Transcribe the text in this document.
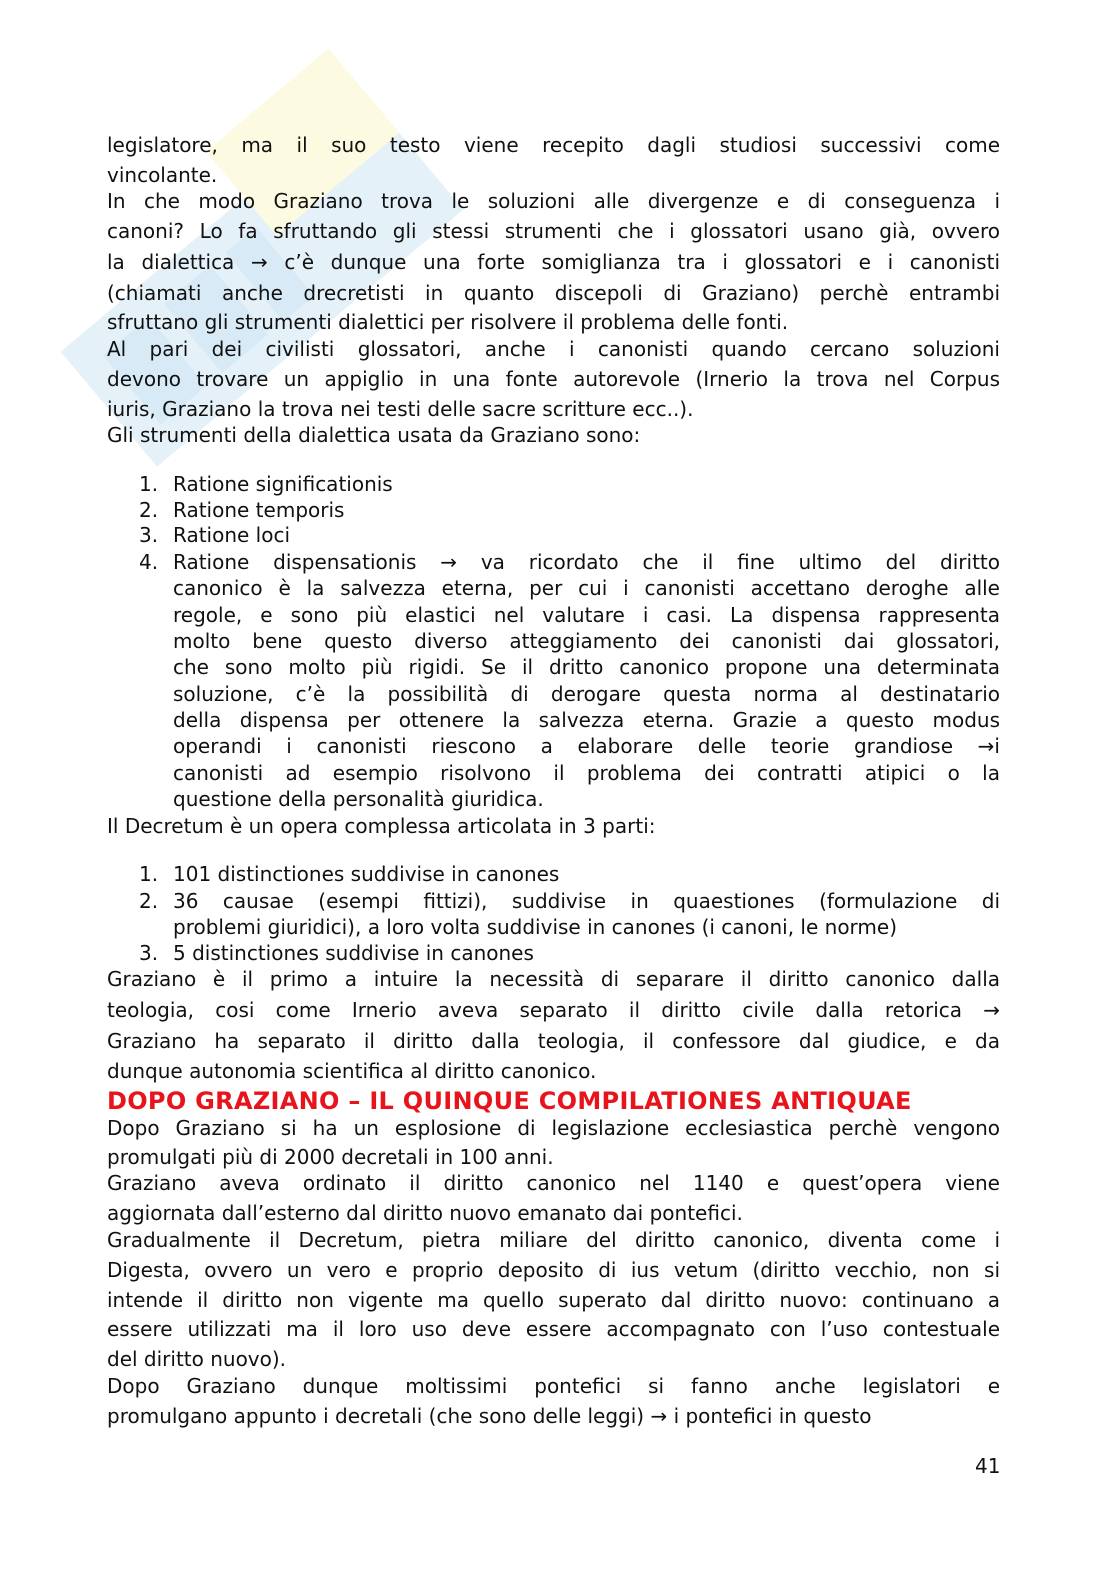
legislatore, ma il suo testo viene recepito dagli studiosi successivi come
vincolante.
In che modo Graziano trova le soluzioni alle divergenze e di conseguenza i
canoni? Lo fa sfruttando gli stessi strumenti che i glossatori usano già, ovvero
la dialettica → c’è dunque una forte somiglianza tra i glossatori e i canonisti
(chiamati anche drecretisti in quanto discepoli di Graziano) perchè entrambi
sfruttano gli strumenti dialettici per risolvere il problema delle fonti.
Al pari dei civilisti glossatori, anche i canonisti quando cercano soluzioni
devono trovare un appiglio in una fonte autorevole (Irnerio la trova nel Corpus
iuris, Graziano la trova nei testi delle sacre scritture ecc..).
Gli strumenti della dialettica usata da Graziano sono:
1. Ratione significationis
2. Ratione temporis
3. Ratione loci
4. Ratione dispensationis → va ricordato che il fine ultimo del diritto
canonico è la salvezza eterna, per cui i canonisti accettano deroghe alle
regole, e sono più elastici nel valutare i casi. La dispensa rappresenta
molto bene questo diverso atteggiamento dei canonisti dai glossatori,
che sono molto più rigidi. Se il dritto canonico propone una determinata
soluzione, c’è la possibilità di derogare questa norma al destinatario
della dispensa per ottenere la salvezza eterna. Grazie a questo modus
operandi i canonisti riescono a elaborare delle teorie grandiose →i
canonisti ad esempio risolvono il problema dei contratti atipici o la
questione della personalità giuridica.
Il Decretum è un opera complessa articolata in 3 parti:
1. 101 distinctiones suddivise in canones
2. 36 causae (esempi fittizi), suddivise in quaestiones (formulazione di
problemi giuridici), a loro volta suddivise in canones (i canoni, le norme)
3. 5 distinctiones suddivise in canones
Graziano è il primo a intuire la necessità di separare il diritto canonico dalla
teologia, cosi come Irnerio aveva separato il diritto civile dalla retorica →
Graziano ha separato il diritto dalla teologia, il confessore dal giudice, e da
dunque autonomia scientifica al diritto canonico.
DOPO GRAZIANO – IL QUINQUE COMPILATIONES ANTIQUAE
Dopo Graziano si ha un esplosione di legislazione ecclesiastica perchè vengono
promulgati più di 2000 decretali in 100 anni.
Graziano aveva ordinato il diritto canonico nel 1140 e quest’opera viene
aggiornata dall’esterno dal diritto nuovo emanato dai pontefici.
Gradualmente il Decretum, pietra miliare del diritto canonico, diventa come i
Digesta, ovvero un vero e proprio deposito di ius vetum (diritto vecchio, non si
intende il diritto non vigente ma quello superato dal diritto nuovo: continuano a
essere utilizzati ma il loro uso deve essere accompagnato con l’uso contestuale
del diritto nuovo).
Dopo Graziano dunque moltissimi pontefici si fanno anche legislatori e
promulgano appunto i decretali (che sono delle leggi) → i pontefici in questo
41
